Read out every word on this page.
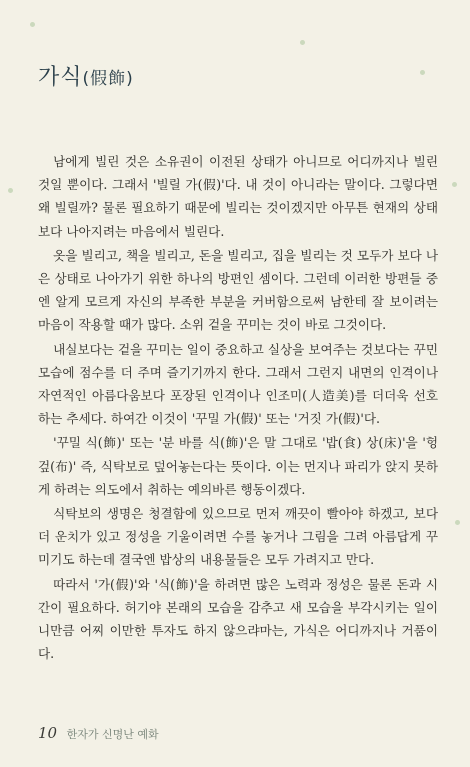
가식(假飾)

남에게 빌린 것은 소유권이 이전된 상태가 아니므로 어디까지나 빌린 것일 뿐이다. 그래서 '빌릴 가(假)'다. 내 것이 아니라는 말이다. 그렇다면 왜 빌릴까? 물론 필요하기 때문에 빌리는 것이겠지만 아무튼 현재의 상태보다 나아지려는 마음에서 빌린다.

옷을 빌리고, 책을 빌리고, 돈을 빌리고, 집을 빌리는 것 모두가 보다 나은 상태로 나아가기 위한 하나의 방편인 셈이다. 그런데 이러한 방편들 중엔 알게 모르게 자신의 부족한 부분을 커버함으로써 남한테 잘 보이려는 마음이 작용할 때가 많다. 소위 겉을 꾸미는 것이 바로 그것이다.

내실보다는 겉을 꾸미는 일이 중요하고 실상을 보여주는 것보다는 꾸민 모습에 점수를 더 주며 즐기기까지 한다. 그래서 그런지 내면의 인격이나 자연적인 아름다움보다 포장된 인격이나 인조미(人造美)를 더더욱 선호하는 추세다. 하여간 이것이 '꾸밀 가(假)' 또는 '거짓 가(假)'다.

'꾸밀 식(飾)' 또는 '분 바를 식(飾)'은 말 그대로 '밥(食) 상(床)'을 '헝겊(布)' 즉, 식탁보로 덮어놓는다는 뜻이다. 이는 먼지나 파리가 앉지 못하게 하려는 의도에서 취하는 예의바른 행동이겠다.

식탁보의 생명은 청결함에 있으므로 먼저 깨끗이 빨아야 하겠고, 보다 더 운치가 있고 정성을 기울이려면 수를 놓거나 그림을 그려 아름답게 꾸미기도 하는데 결국엔 밥상의 내용물들은 모두 가려지고 만다.

따라서 '가(假)'와 '식(飾)'을 하려면 많은 노력과 정성은 물론 돈과 시간이 필요하다. 허기야 본래의 모습을 감추고 새 모습을 부각시키는 일이니만큼 어찌 이만한 투자도 하지 않으랴마는, 가식은 어디까지나 거품이다.

10 한자가 신명난 예화
